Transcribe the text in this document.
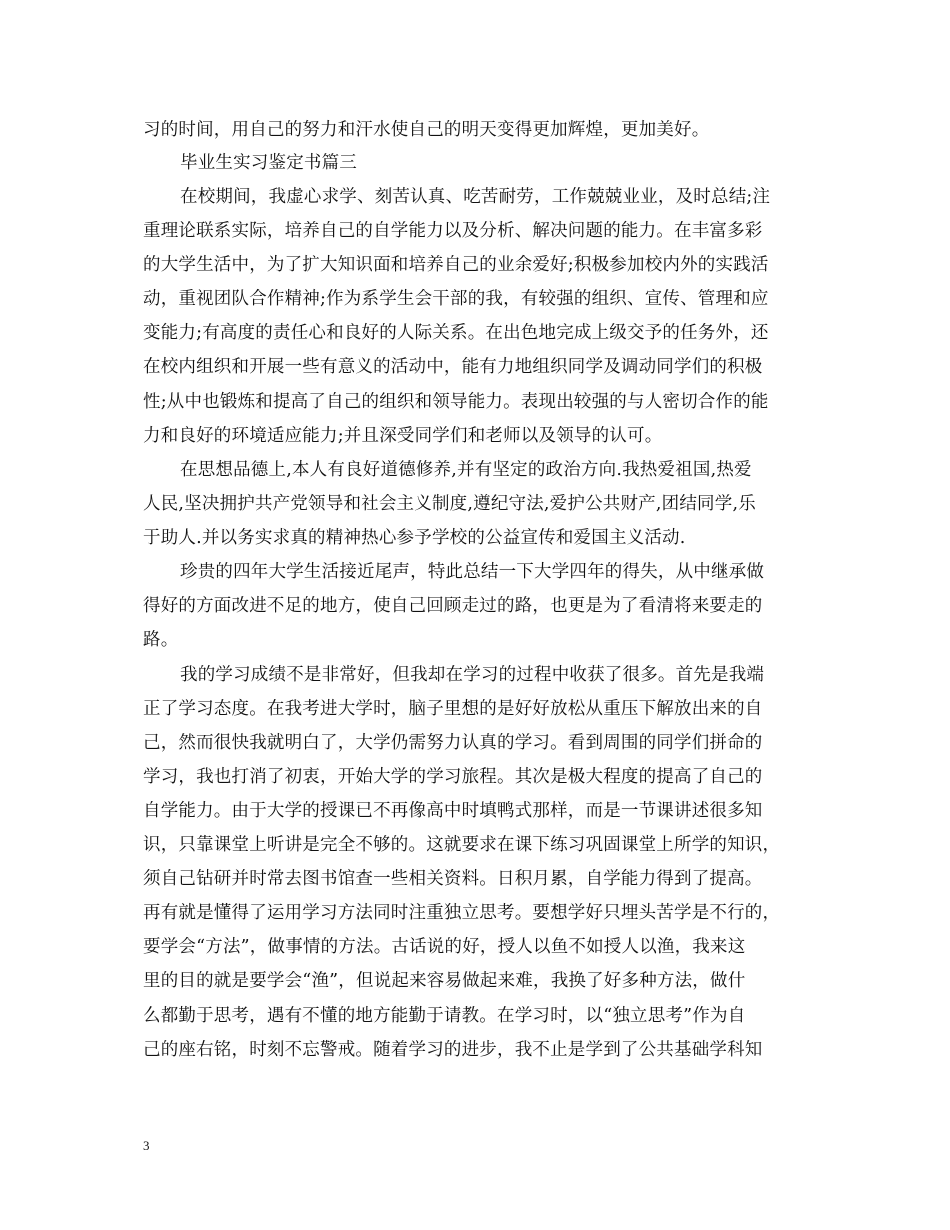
习的时间，用自己的努力和汗水使自己的明天变得更加辉煌，更加美好。
毕业生实习鉴定书篇三
在校期间，我虚心求学、刻苦认真、吃苦耐劳，工作兢兢业业，及时总结;注
重理论联系实际，培养自己的自学能力以及分析、解决问题的能力。在丰富多彩
的大学生活中，为了扩大知识面和培养自己的业余爱好;积极参加校内外的实践活
动，重视团队合作精神;作为系学生会干部的我，有较强的组织、宣传、管理和应
变能力;有高度的责任心和良好的人际关系。在出色地完成上级交予的任务外，还
在校内组织和开展一些有意义的活动中，能有力地组织同学及调动同学们的积极
性;从中也锻炼和提高了自己的组织和领导能力。表现出较强的与人密切合作的能
力和良好的环境适应能力;并且深受同学们和老师以及领导的认可。
在思想品德上,本人有良好道德修养,并有坚定的政治方向.我热爱祖国,热爱
人民,坚决拥护共产党领导和社会主义制度,遵纪守法,爱护公共财产,团结同学,乐
于助人.并以务实求真的精神热心参予学校的公益宣传和爱国主义活动.
珍贵的四年大学生活接近尾声，特此总结一下大学四年的得失，从中继承做
得好的方面改进不足的地方，使自己回顾走过的路，也更是为了看清将来要走的
路。
我的学习成绩不是非常好，但我却在学习的过程中收获了很多。首先是我端
正了学习态度。在我考进大学时，脑子里想的是好好放松从重压下解放出来的自
己，然而很快我就明白了，大学仍需努力认真的学习。看到周围的同学们拼命的
学习，我也打消了初衷，开始大学的学习旅程。其次是极大程度的提高了自己的
自学能力。由于大学的授课已不再像高中时填鸭式那样，而是一节课讲述很多知
识，只靠课堂上听讲是完全不够的。这就要求在课下练习巩固课堂上所学的知识，
须自己钻研并时常去图书馆查一些相关资料。日积月累，自学能力得到了提高。
再有就是懂得了运用学习方法同时注重独立思考。要想学好只埋头苦学是不行的，
要学会“方法”，做事情的方法。古话说的好，授人以鱼不如授人以渔，我来这
里的目的就是要学会“渔”，但说起来容易做起来难，我换了好多种方法，做什
么都勤于思考，遇有不懂的地方能勤于请教。在学习时，以“独立思考”作为自
己的座右铭，时刻不忘警戒。随着学习的进步，我不止是学到了公共基础学科知
3
